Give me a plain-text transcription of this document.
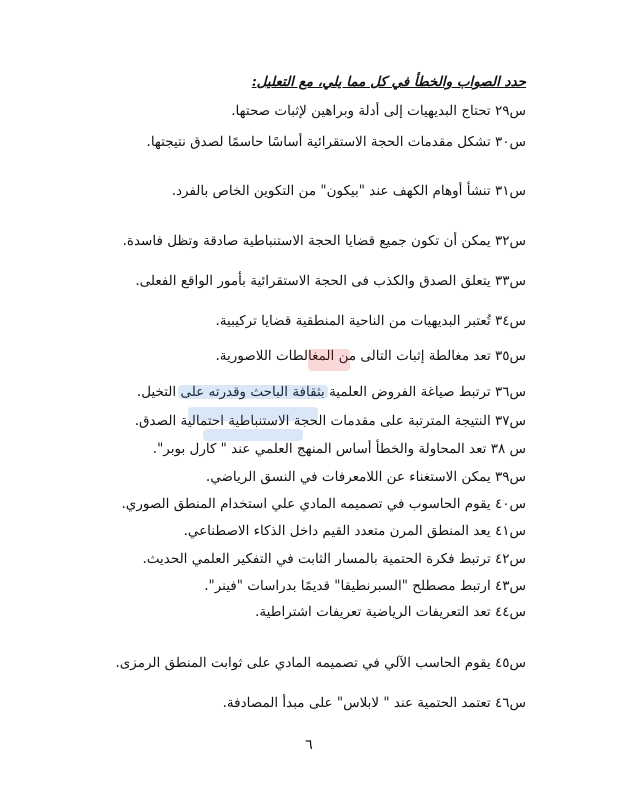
حدد الصواب والخطأ في كل مما يلي، مع التعليل:
س٢٩ تحتاج البديهيات إلى أدلة وبراهين لإثبات صحتها.
س٣٠ تشكل مقدمات الحجة الاستقرائية أساسًا حاسمًا لصدق نتيجتها.
س٣١ تنشأ أوهام الكهف عند "بيكون" من التكوين الخاص بالفرد.
س٣٢ يمكن أن تكون جميع قضايا الحجة الاستنباطية صادقة وتظل فاسدة.
س٣٣ يتعلق الصدق والكذب فى الحجة الاستقرائية بأمور الواقع الفعلى.
س٣٤ تُعتبر البديهيات من الناحية المنطقية قضايا تركيبية.
س٣٥ تعد مغالطة إثبات التالى من المغالطات اللاصورية.
س٣٦ ترتبط صياغة الفروض العلمية بثقافة الباحث وقدرته على التخيل.
س٣٧ النتيجة المترتبة على مقدمات الحجة الاستنباطية احتمالية الصدق.
س ٣٨ تعد المحاولة والخطأ أساس المنهج العلمي عند " كارل بوبر".
س٣٩ يمكن الاستغناء عن اللامعرفات في النسق الرياضي.
س٤٠ يقوم الحاسوب في تصميمه المادي علي استخدام المنطق الصوري.
س٤١ يعد المنطق المرن متعدد القيم داخل الذكاء الاصطناعي.
س٤٢ ترتبط فكرة الحتمية بالمسار الثابت في التفكير العلمي الحديث.
س٤٣ ارتبط مصطلح "السبرنطيقا" قديمًا بدراسات "فينر".
س٤٤ تعد التعريفات الرياضية تعريفات اشتراطية.
س٤٥ يقوم الحاسب الآلي في تصميمه المادي على ثوابت المنطق الرمزى.
س٤٦ تعتمد الحتمية عند " لابلاس" على مبدأ المصادفة.
٦
